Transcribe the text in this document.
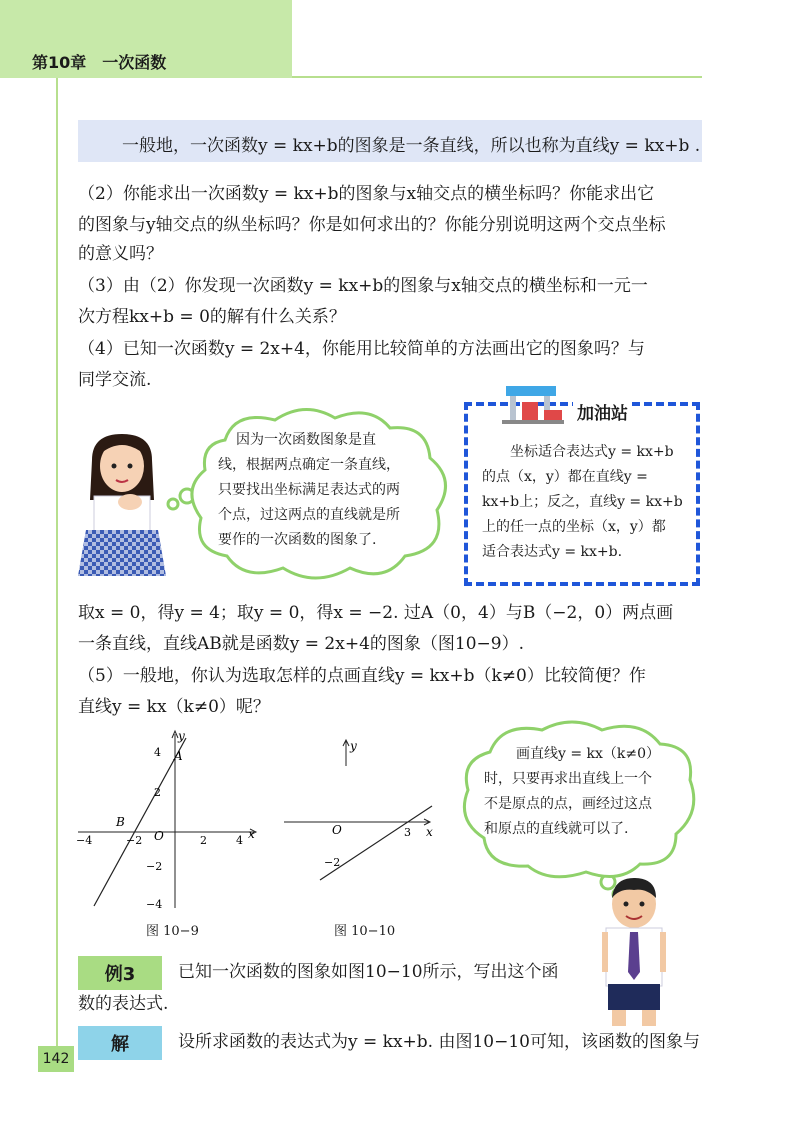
第10章　一次函数
一般地，一次函数y = kx+b的图象是一条直线，所以也称为直线y = kx+b .
（2）你能求出一次函数y = kx+b的图象与x轴交点的横坐标吗？你能求出它
的图象与y轴交点的纵坐标吗？你是如何求出的？你能分别说明这两个交点坐标
的意义吗？
（3）由（2）你发现一次函数y = kx+b的图象与x轴交点的横坐标和一元一
次方程kx+b = 0的解有什么关系？
（4）已知一次函数y = 2x+4，你能用比较简单的方法画出它的图象吗？与
同学交流.
因为一次函数图象是直
线，根据两点确定一条直线，
只要找出坐标满足表达式的两
个点，过这两点的直线就是所
要作的一次函数的图象了.
加油站
坐标适合表达式y = kx+b
的点（x，y）都在直线y =
kx+b上；反之，直线y = kx+b
上的任一点的坐标（x，y）都
适合表达式y = kx+b.
取x = 0，得y = 4；取y = 0，得x = −2. 过A（0，4）与B（−2，0）两点画
一条直线，直线AB就是函数y = 2x+4的图象（图10−9）.
（5）一般地，你认为选取怎样的点画直线y = kx+b（k≠0）比较简便？作
直线y = kx（k≠0）呢？
x
y
O
−4	−2	2	4
4
2
−2
−4
A
B
图 10−9
y
x
O	3
−2
图 10−10
画直线y = kx（k≠0）
时，只要再求出直线上一个
不是原点的点，画经过这点
和原点的直线就可以了.
例3	已知一次函数的图象如图10−10所示，写出这个函
数的表达式.
解	设所求函数的表达式为y = kx+b. 由图10−10可知，该函数的图象与
142
